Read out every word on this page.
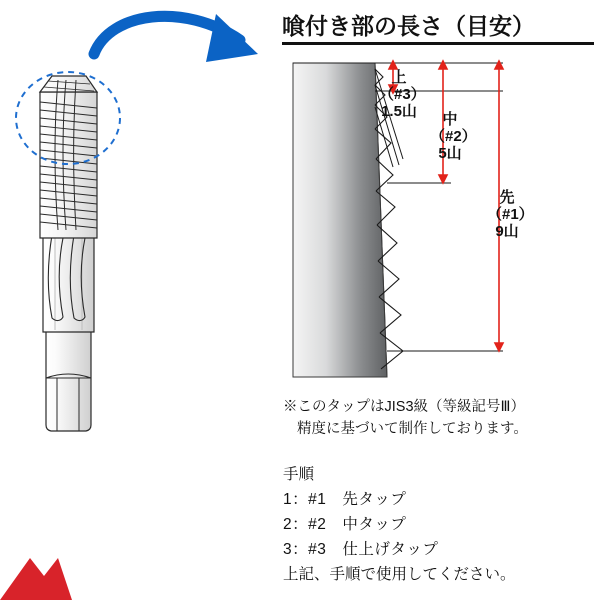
喰付き部の長さ（目安）
上
（#3）
1.5山	中
（#2）
5山
先
（#1）
9山
※このタップはJIS3級（等級記号Ⅲ）
精度に基づいて制作しております。
手順
1：#1　先タップ
2：#2　中タップ
3：#3　仕上げタップ
上記、手順で使用してください。
